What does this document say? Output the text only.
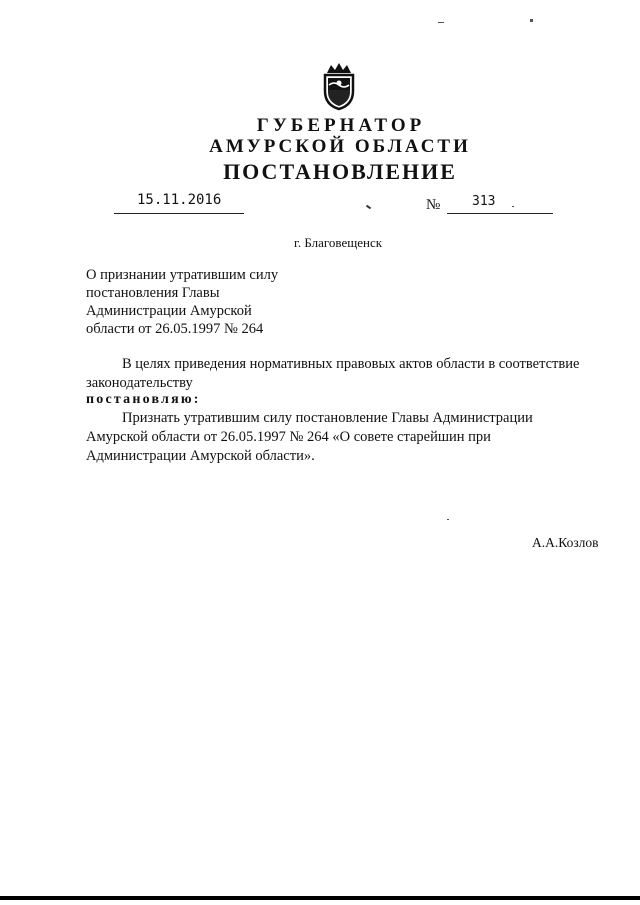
ГУБЕРНАТОР
АМУРСКОЙ ОБЛАСТИ
ПОСТАНОВЛЕНИЕ
15.11.2016	№ 313
г. Благовещенск
О признании утратившим силу
постановления Главы
Администрации Амурской
области от 26.05.1997 № 264
В целях приведения нормативных правовых актов области в соответствие
законодательству
постановляю:
Признать утратившим силу постановление Главы Администрации
Амурской области от 26.05.1997 № 264 «О совете старейшин при
Администрации Амурской области».
А.А.Козлов
